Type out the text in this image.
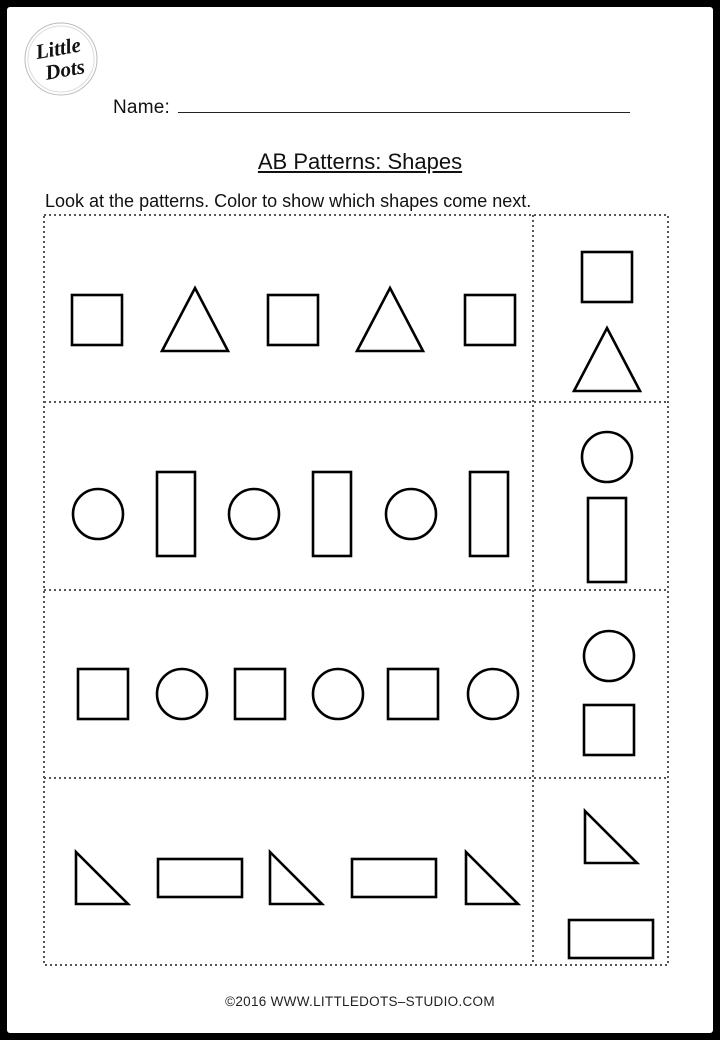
Little
Dots
Name:
AB Patterns: Shapes
Look at the patterns. Color to show which shapes come next.
©2016 WWW.LITTLEDOTS–STUDIO.COM
